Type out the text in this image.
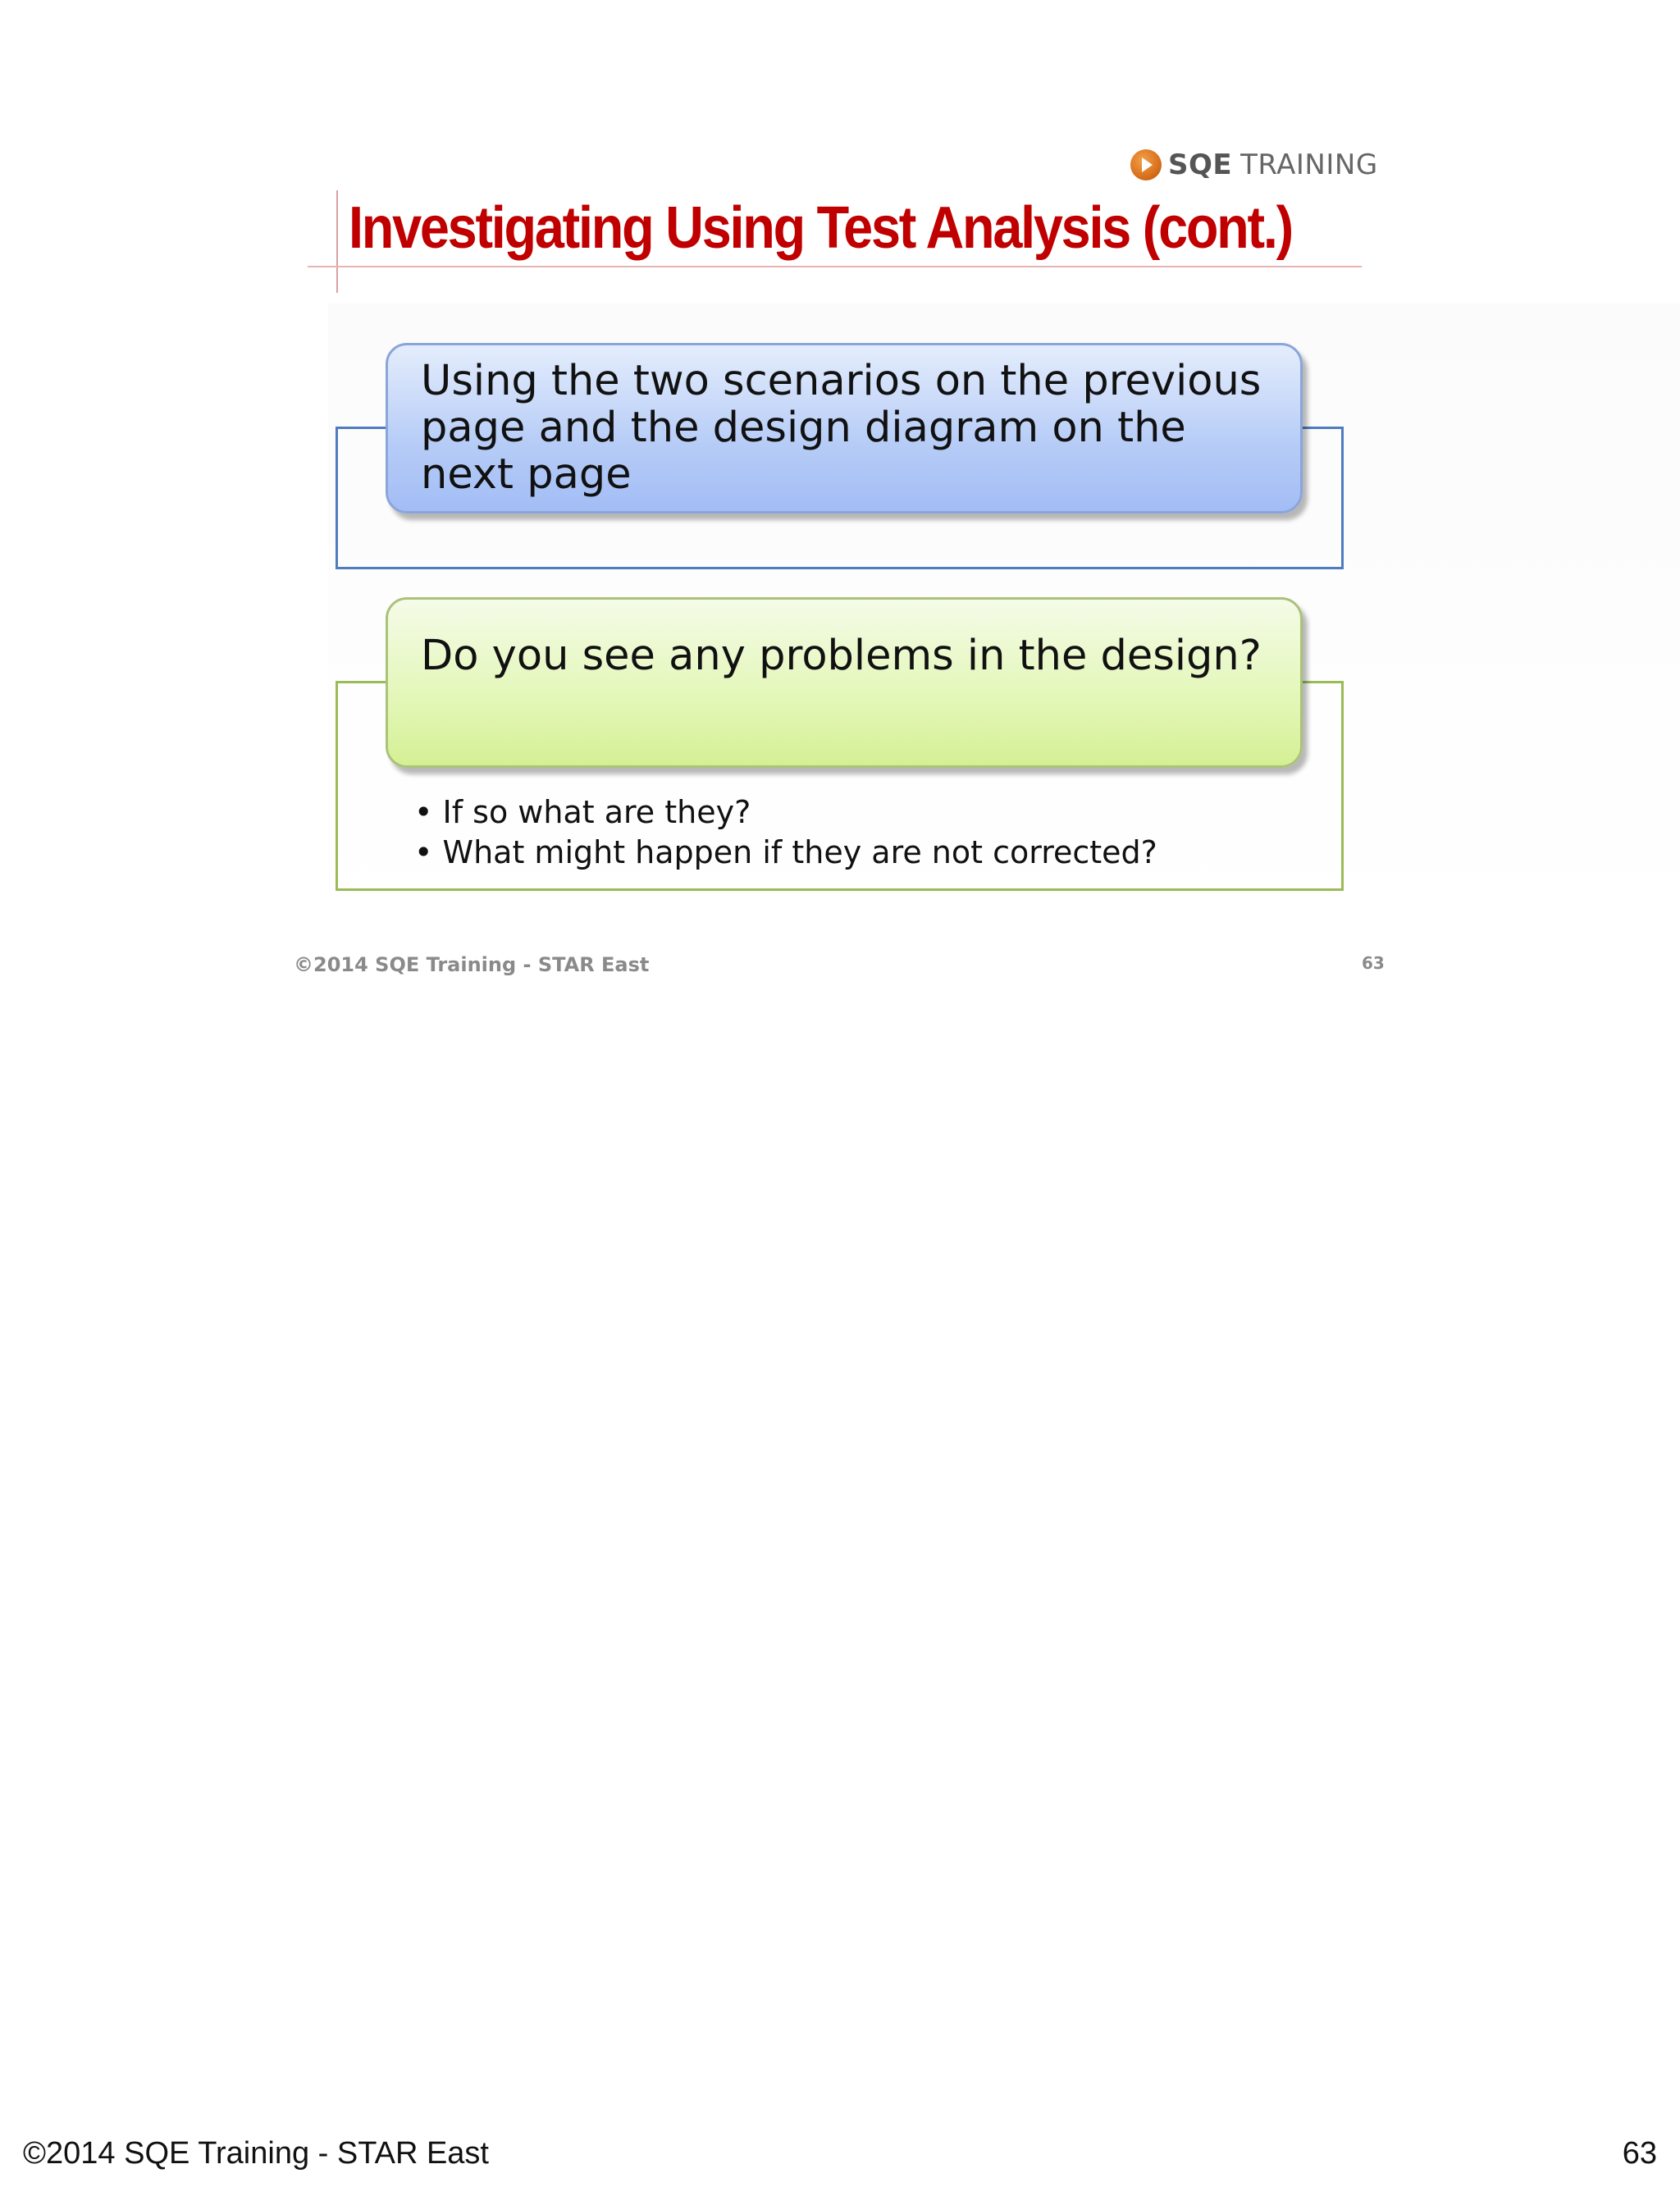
SQE TRAINING
Investigating Using Test Analysis (cont.)
Using the two scenarios on the previous page and the design diagram on the next page
Do you see any problems in the design?
• If so what are they?
• What might happen if they are not corrected?
©2014 SQE Training - STAR East	63
©2014 SQE Training - STAR East	63
